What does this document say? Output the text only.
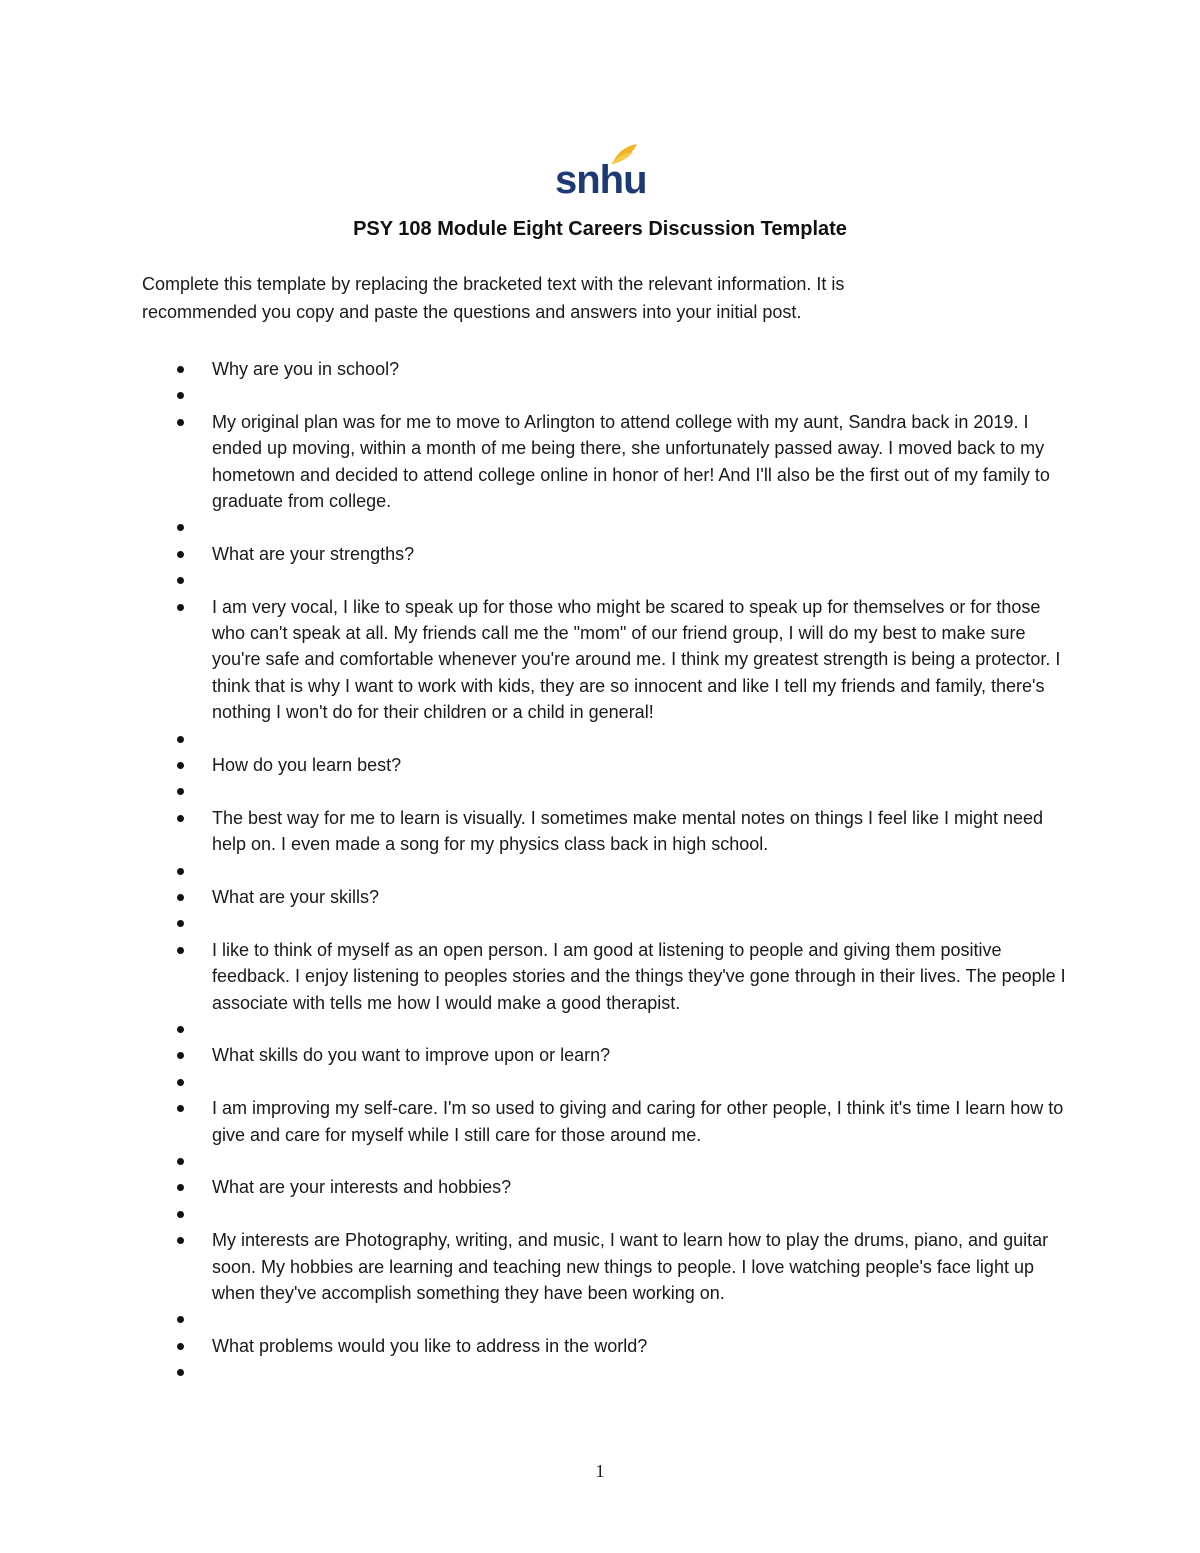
snhu
PSY 108 Module Eight Careers Discussion Template

Complete this template by replacing the bracketed text with the relevant information. It is

recommended you copy and paste the questions and answers into your initial post.

Why are you in school?
My original plan was for me to move to Arlington to attend college with my aunt, Sandra back in 2019. I ended up moving, within a month of me being there, she unfortunately passed away. I moved back to my hometown and decided to attend college online in honor of her! And I'll also be the first out of my family to graduate from college.
What are your strengths?
I am very vocal, I like to speak up for those who might be scared to speak up for themselves or for those who can't speak at all. My friends call me the "mom" of our friend group, I will do my best to make sure you're safe and comfortable whenever you're around me. I think my greatest strength is being a protector. I think that is why I want to work with kids, they are so innocent and like I tell my friends and family, there's nothing I won't do for their children or a child in general!
How do you learn best?
The best way for me to learn is visually. I sometimes make mental notes on things I feel like I might need help on. I even made a song for my physics class back in high school.
What are your skills?
I like to think of myself as an open person. I am good at listening to people and giving them positive feedback. I enjoy listening to peoples stories and the things they've gone through in their lives. The people I associate with tells me how I would make a good therapist.
What skills do you want to improve upon or learn?
I am improving my self-care. I'm so used to giving and caring for other people, I think it's time I learn how to give and care for myself while I still care for those around me.
What are your interests and hobbies?
My interests are Photography, writing, and music, I want to learn how to play the drums, piano, and guitar soon. My hobbies are learning and teaching new things to people. I love watching people's face light up when they've accomplish something they have been working on.
What problems would you like to address in the world?
1
